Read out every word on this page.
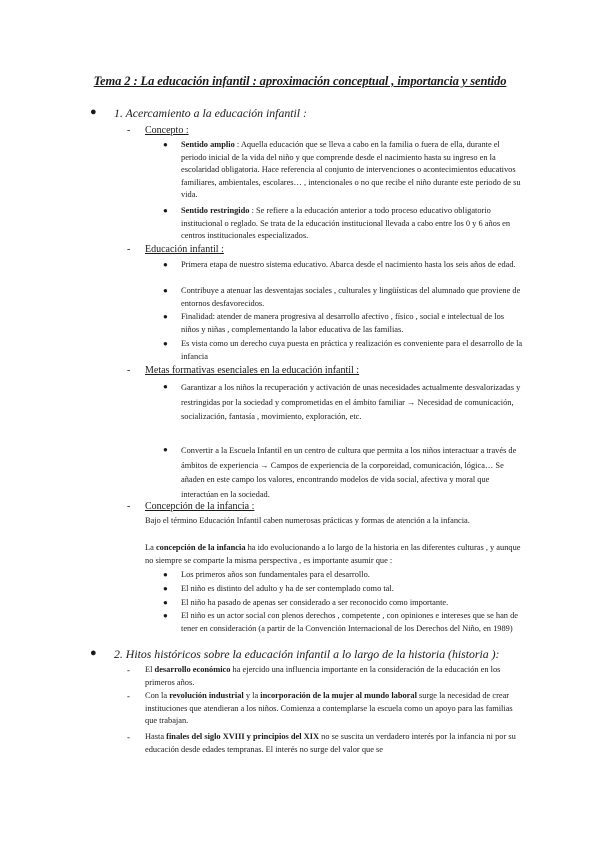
Tema 2 : La educación infantil : aproximación conceptual , importancia y sentido
● 1. Acercamiento a la educación infantil :
- Concepto :
● Sentido amplio : Aquella educación que se lleva a cabo en la familia o fuera de ella, durante el periodo inicial de la vida del niño y que comprende desde el nacimiento hasta su ingreso en la escolaridad obligatoria. Hace referencia al conjunto de intervenciones o acontecimientos educativos familiares, ambientales, escolares… , intencionales o no que recibe el niño durante este periodo de su vida.
● Sentido restringido : Se refiere a la educación anterior a todo proceso educativo obligatorio institucional o reglado. Se trata de la educación institucional llevada a cabo entre los 0 y 6 años en centros institucionales especializados.
- Educación infantil :
● Primera etapa de nuestro sistema educativo. Abarca desde el nacimiento hasta los seis años de edad.
● Contribuye a atenuar las desventajas sociales , culturales y lingüísticas del alumnado que proviene de entornos desfavorecidos.
● Finalidad: atender de manera progresiva al desarrollo afectivo , físico , social e intelectual de los niños y niñas , complementando la labor educativa de las familias.
● Es vista como un derecho cuya puesta en práctica y realización es conveniente para el desarrollo de la infancia
- Metas formativas esenciales en la educación infantil :
● Garantizar a los niños la recuperación y activación de unas necesidades actualmente desvalorizadas y restringidas por la sociedad y comprometidas en el ámbito familiar → Necesidad de comunicación, socialización, fantasía , movimiento, exploración, etc.
● Convertir a la Escuela Infantil en un centro de cultura que permita a los niños interactuar a través de ámbitos de experiencia → Campos de experiencia de la corporeidad, comunicación, lógica… Se añaden en este campo los valores, encontrando modelos de vida social, afectiva y moral que interactúan en la sociedad.
- Concepción de la infancia :
Bajo el término Educación Infantil caben numerosas prácticas y formas de atención a la infancia.
La concepción de la infancia ha ido evolucionando a lo largo de la historia en las diferentes culturas , y aunque no siempre se comparte la misma perspectiva , es importante asumir que :
● Los primeros años son fundamentales para el desarrollo.
● El niño es distinto del adulto y ha de ser contemplado como tal.
● El niño ha pasado de apenas ser considerado a ser reconocido como importante.
● El niño es un actor social con plenos derechos , competente , con opiniones e intereses que se han de tener en consideración (a partir de la Convención Internacional de los Derechos del Niño, en 1989)
● 2. Hitos históricos sobre la educación infantil a lo largo de la historia (historia ):
- El desarrollo económico ha ejercido una influencia importante en la consideración de la educación en los primeros años.
- Con la revolución industrial y la incorporación de la mujer al mundo laboral surge la necesidad de crear instituciones que atendieran a los niños. Comienza a contemplarse la escuela como un apoyo para las familias que trabajan.
- Hasta finales del siglo XVIII y principios del XIX no se suscita un verdadero interés por la infancia ni por su educación desde edades tempranas. El interés no surge del valor que se
